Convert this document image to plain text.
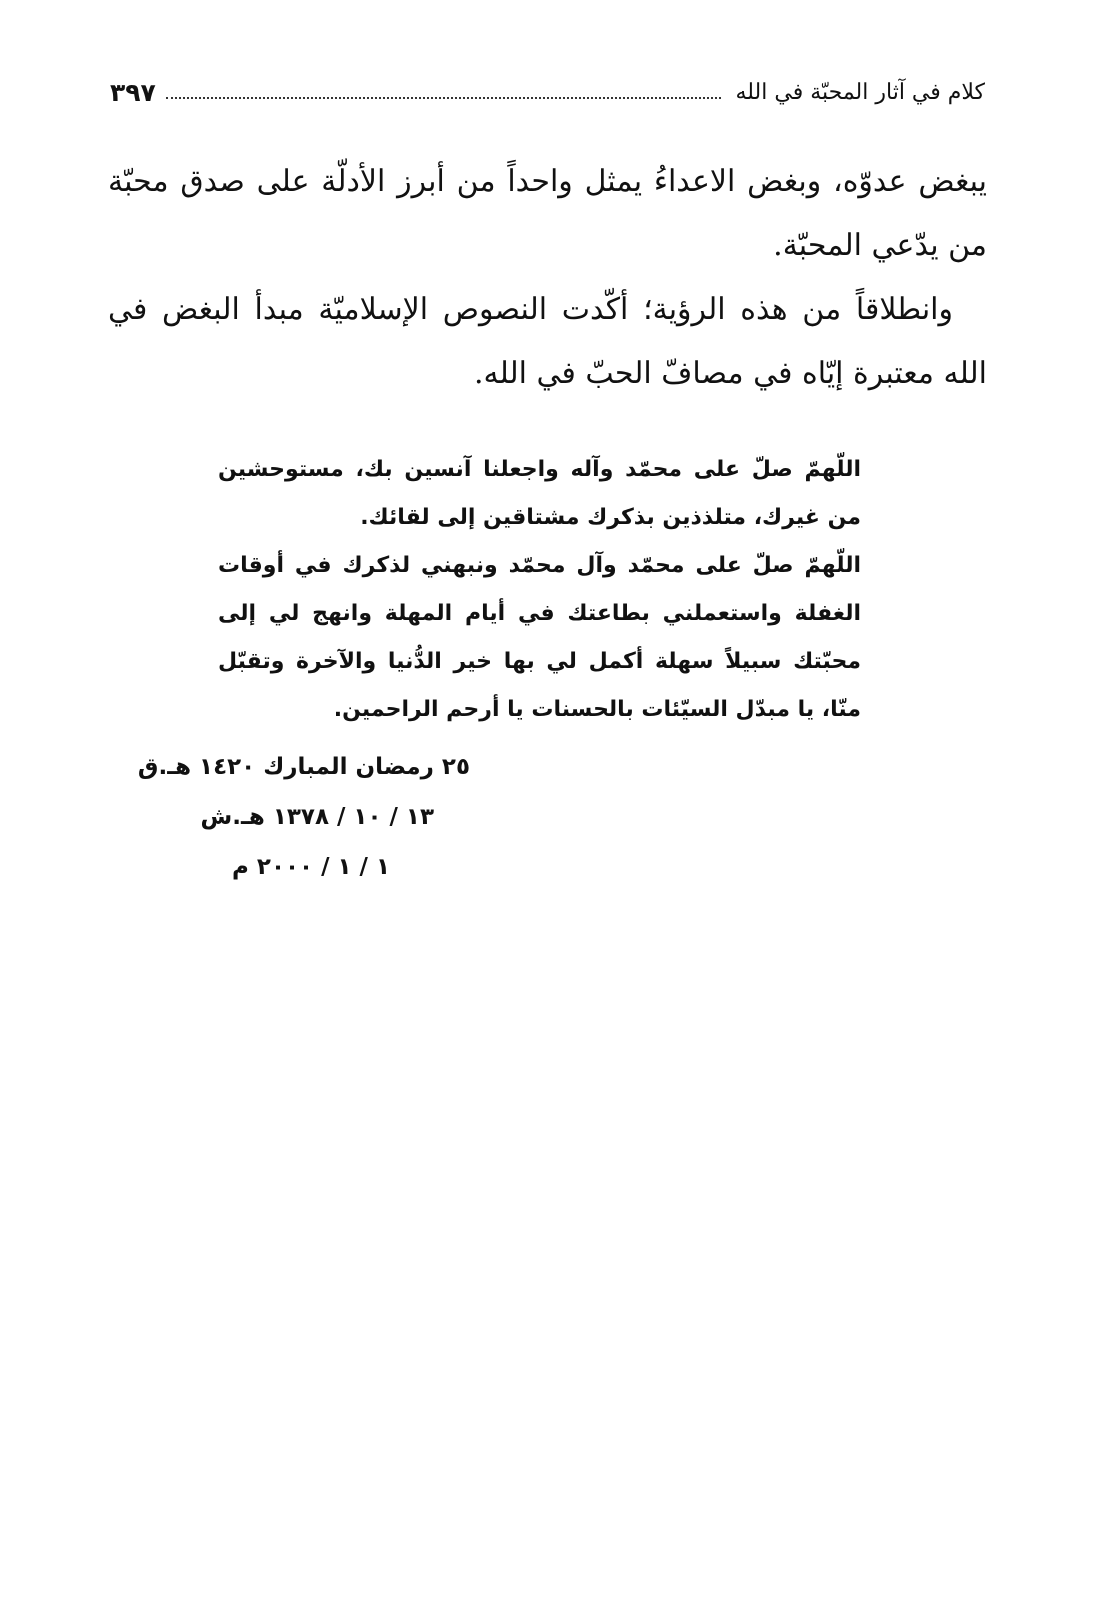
كلام في آثار المحبّة في الله
٣٩٧

يبغض عدوّه، وبغض الاعداءُ يمثل واحداً من أبرز الأدلّة على صدق محبّة من يدّعي المحبّة.

وانطلاقاً من هذه الرؤية؛ أكّدت النصوص الإسلاميّة مبدأ البغض في الله معتبرة إيّاه في مصافّ الحبّ في الله.

اللّهمّ صلّ على محمّد وآله واجعلنا آنسين بك، مستوحشين من غيرك، متلذذين بذكرك مشتاقين إلى لقائك.

اللّهمّ صلّ على محمّد وآل محمّد ونبهني لذكرك في أوقات الغفلة واستعملني بطاعتك في أيام المهلة وانهج لي إلى محبّتك سبيلاً سهلة أكمل لي بها خير الدُّنيا والآخرة وتقبّل منّا، يا مبدّل السيّئات بالحسنات يا أرحم الراحمين.

٢٥ رمضان المبارك ١٤٢٠ هـ.ق
١٣ / ١٠ / ١٣٧٨ هـ.ش
١ / ١ / ٢٠٠٠ م
